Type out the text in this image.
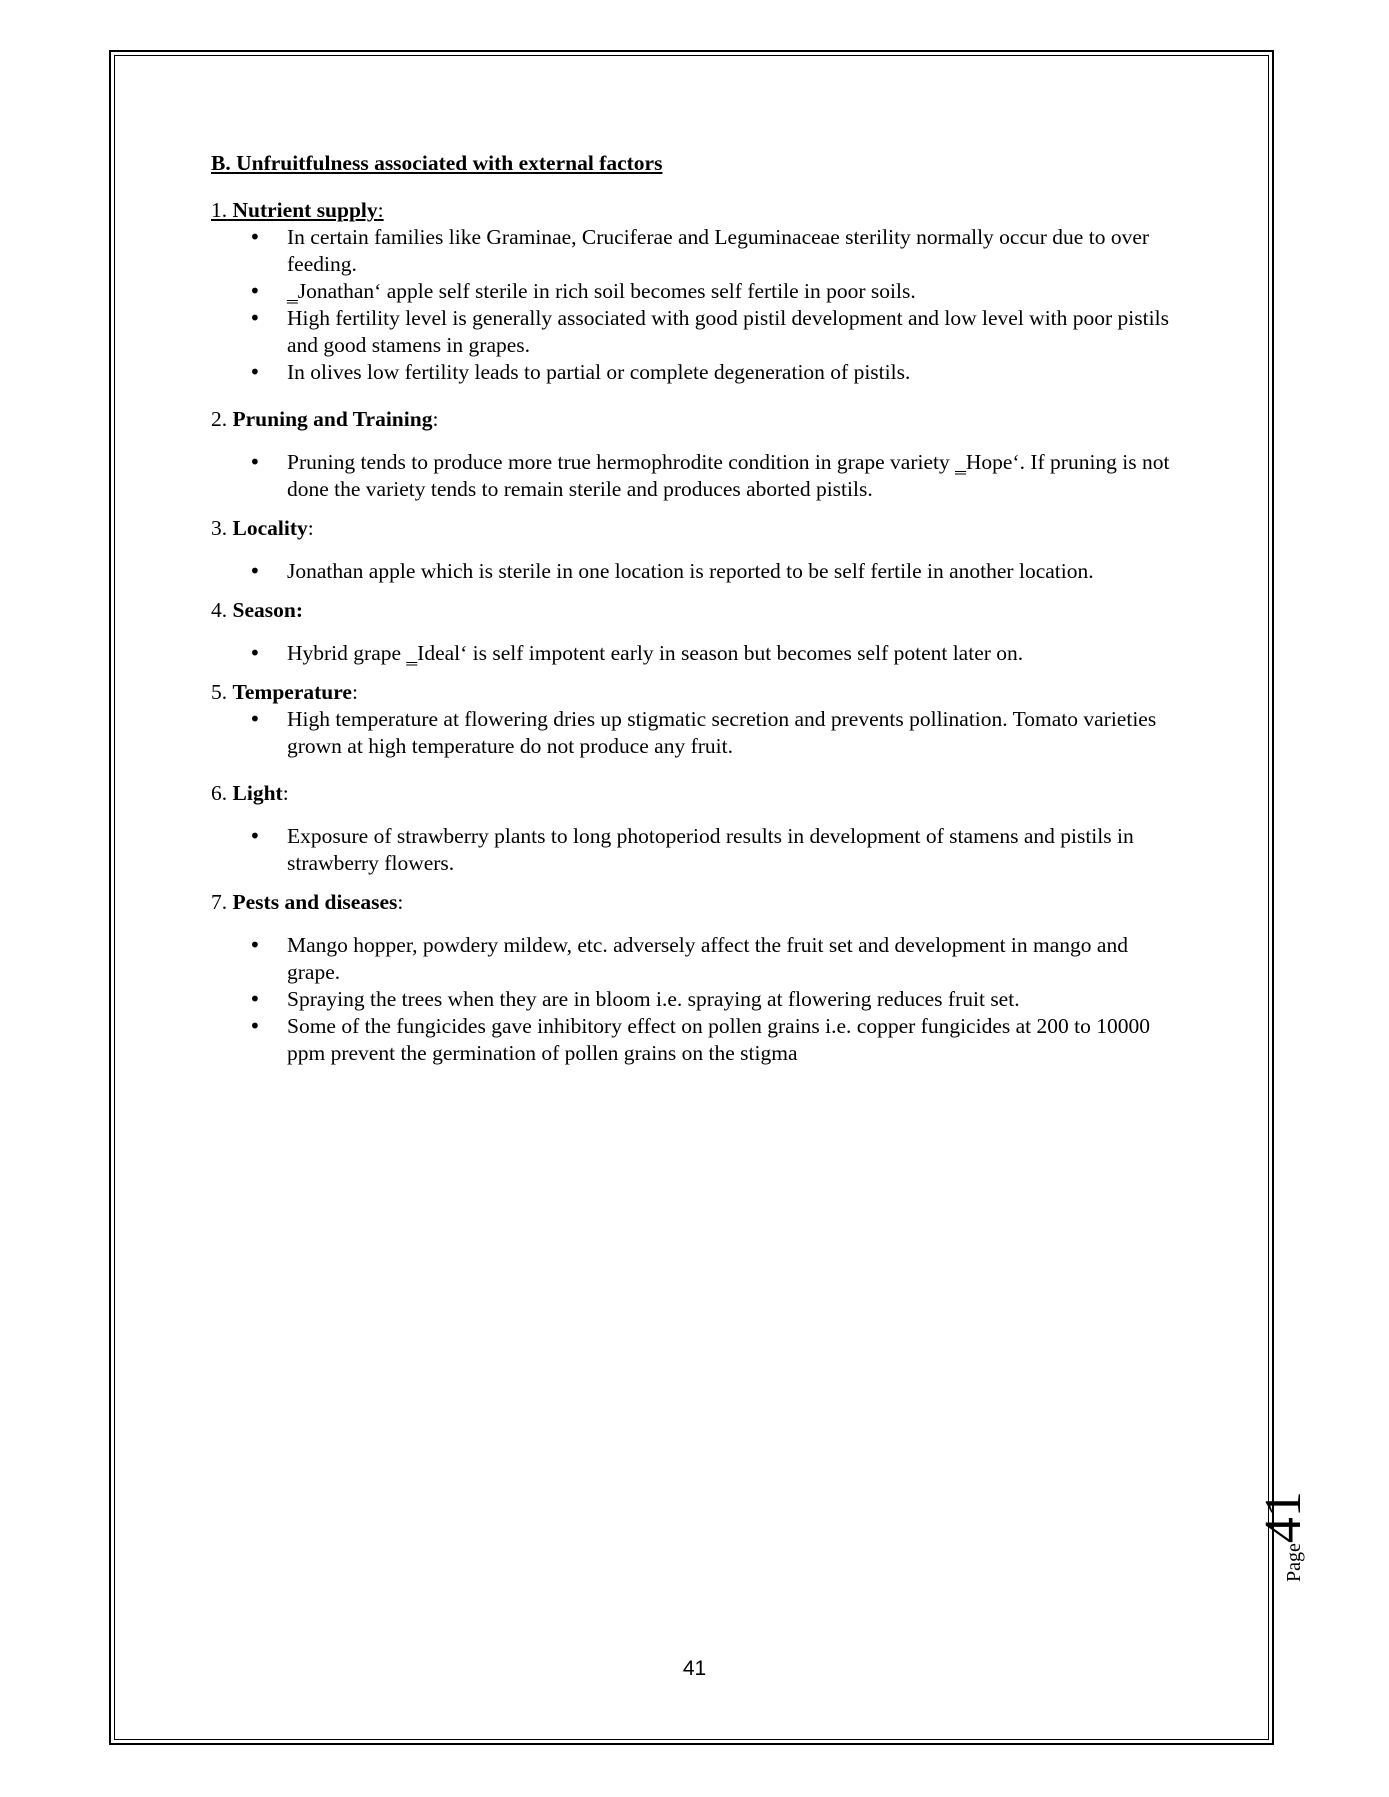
B. Unfruitfulness associated with external factors

1. Nutrient supply:

• In certain families like Graminae, Cruciferae and Leguminaceae sterility normally occur due to over feeding.
• ‗Jonathan‘ apple self sterile in rich soil becomes self fertile in poor soils.
• High fertility level is generally associated with good pistil development and low level with poor pistils and good stamens in grapes.
• In olives low fertility leads to partial or complete degeneration of pistils.

2. Pruning and Training:

• Pruning tends to produce more true hermophrodite condition in grape variety ‗Hope‘. If pruning is not done the variety tends to remain sterile and produces aborted pistils.

3. Locality:

• Jonathan apple which is sterile in one location is reported to be self fertile in another location.

4. Season:

• Hybrid grape ‗Ideal‘ is self impotent early in season but becomes self potent later on.

5. Temperature:

• High temperature at flowering dries up stigmatic secretion and prevents pollination. Tomato varieties grown at high temperature do not produce any fruit.

6. Light:

• Exposure of strawberry plants to long photoperiod results in development of stamens and pistils in strawberry flowers.

7. Pests and diseases:

• Mango hopper, powdery mildew, etc. adversely affect the fruit set and development in mango and grape.
• Spraying the trees when they are in bloom i.e. spraying at flowering reduces fruit set.
• Some of the fungicides gave inhibitory effect on pollen grains i.e. copper fungicides at 200 to 10000 ppm prevent the germination of pollen grains on the stigma
Page41
41
